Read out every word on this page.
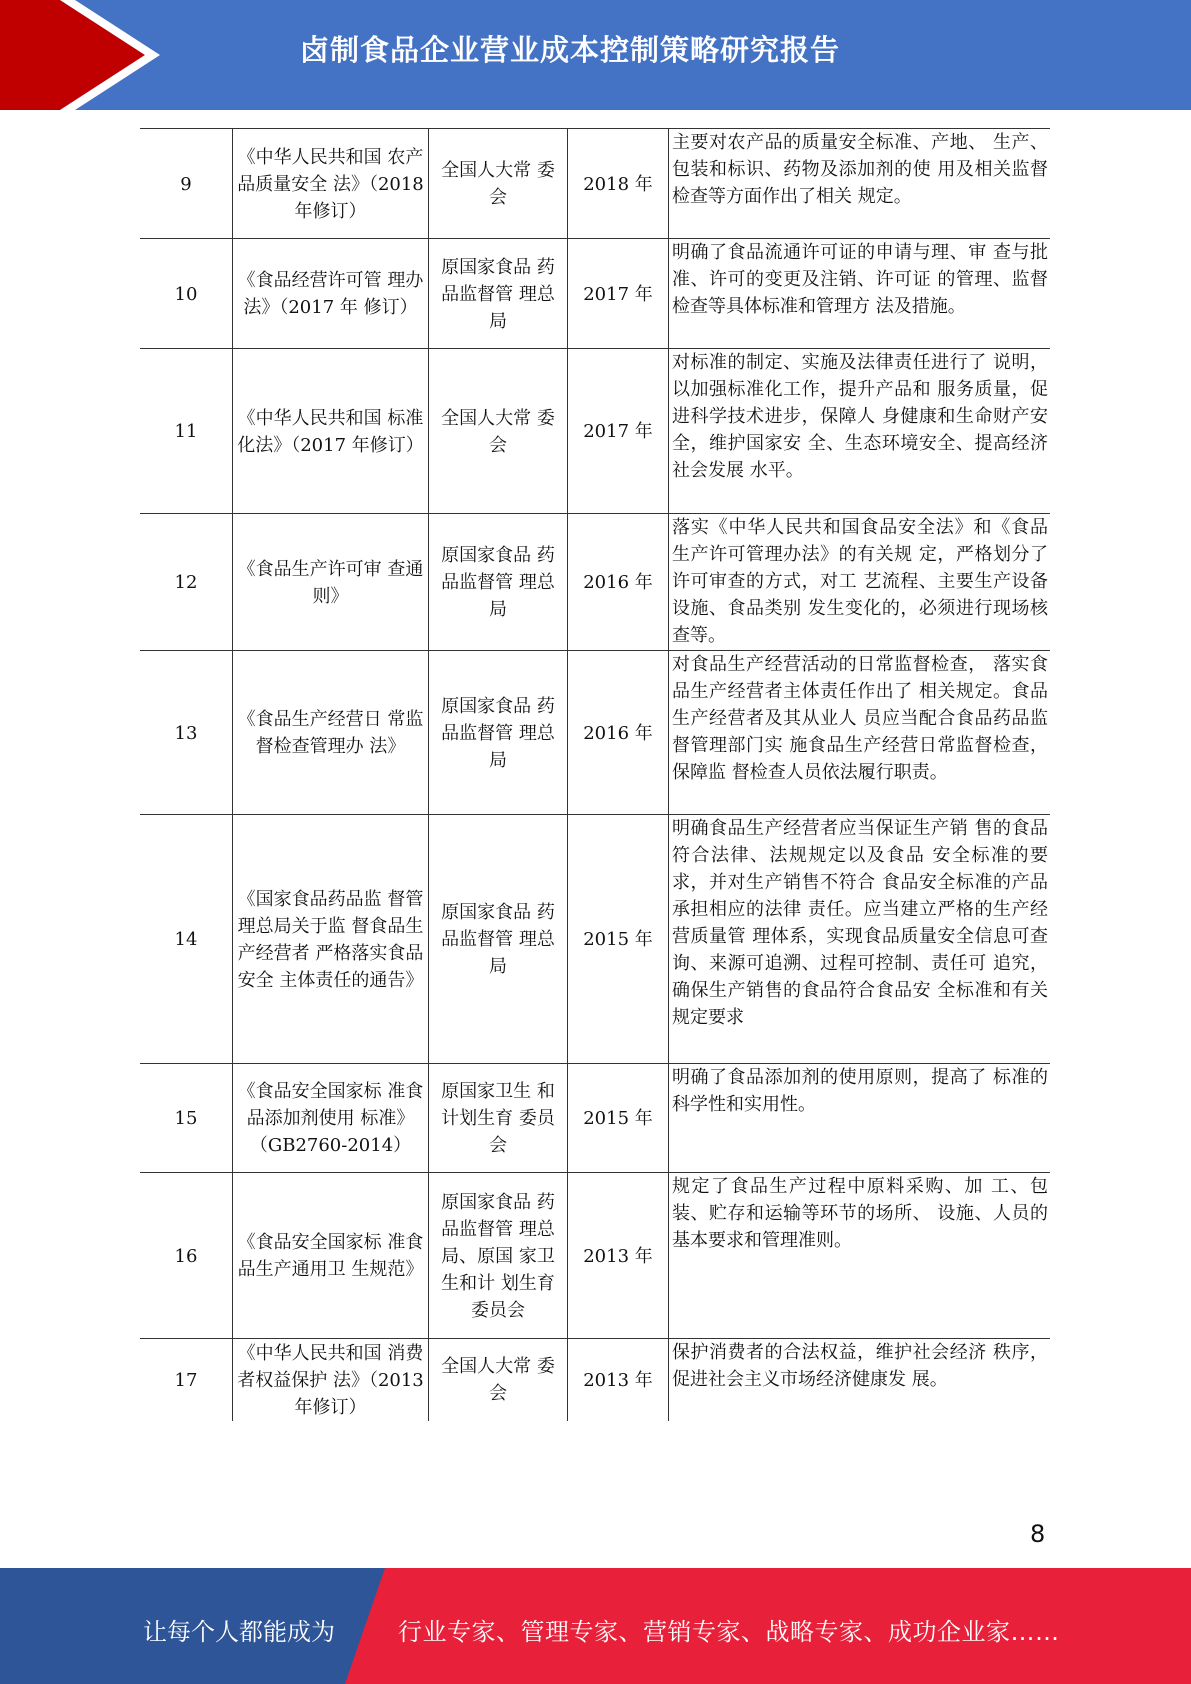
卤制食品企业营业成本控制策略研究报告
9
《中华人民共和国 农产品质量安全 法》（2018 年修订）
全国人大常 委会
2018 年
主要对农产品的质量安全标准、产地、 生产、包装和标识、药物及添加剂的使 用及相关监督检查等方面作出了相关 规定。
10
《食品经营许可管 理办法》（2017 年 修订）
原国家食品 药品监督管 理总局
2017 年
明确了食品流通许可证的申请与理、审 查与批准、许可的变更及注销、许可证 的管理、监督检查等具体标准和管理方 法及措施。
11
《中华人民共和国 标准化法》（2017 年修订）
全国人大常 委会
2017 年
对标准的制定、实施及法律责任进行了 说明，以加强标准化工作，提升产品和 服务质量，促进科学技术进步，保障人 身健康和生命财产安全，维护国家安 全、生态环境安全、提高经济社会发展 水平。
12
《食品生产许可审 查通则》
原国家食品 药品监督管 理总局
2016 年
落实《中华人民共和国食品安全法》和《食品生产许可管理办法》的有关规 定，严格划分了许可审查的方式，对工 艺流程、主要生产设备设施、食品类别 发生变化的，必须进行现场核查等。
13
《食品生产经营日 常监督检查管理办 法》
原国家食品 药品监督管 理总局
2016 年
对食品生产经营活动的日常监督检查， 落实食品生产经营者主体责任作出了 相关规定。食品生产经营者及其从业人 员应当配合食品药品监督管理部门实 施食品生产经营日常监督检查，保障监 督检查人员依法履行职责。
14
《国家食品药品监 督管理总局关于监 督食品生产经营者 严格落实食品安全 主体责任的通告》
原国家食品 药品监督管 理总局
2015 年
明确食品生产经营者应当保证生产销 售的食品符合法律、法规规定以及食品 安全标准的要求，并对生产销售不符合 食品安全标准的产品承担相应的法律 责任。应当建立严格的生产经营质量管 理体系，实现食品质量安全信息可查 询、来源可追溯、过程可控制、责任可 追究，确保生产销售的食品符合食品安 全标准和有关规定要求
15
《食品安全国家标 准食品添加剂使用 标准》（GB2760-2014）
原国家卫生 和计划生育 委员会
2015 年
明确了食品添加剂的使用原则，提高了 标准的科学性和实用性。
16
《食品安全国家标 准食品生产通用卫 生规范》
原国家食品 药品监督管 理总局、原国 家卫生和计 划生育委员会
2013 年
规定了食品生产过程中原料采购、加 工、包装、贮存和运输等环节的场所、 设施、人员的基本要求和管理准则。
17
《中华人民共和国 消费者权益保护 法》（2013 年修订）
全国人大常 委会
2013 年
保护消费者的合法权益，维护社会经济 秩序，促进社会主义市场经济健康发 展。
8
让每个人都能成为	行业专家、管理专家、营销专家、战略专家、成功企业家……
